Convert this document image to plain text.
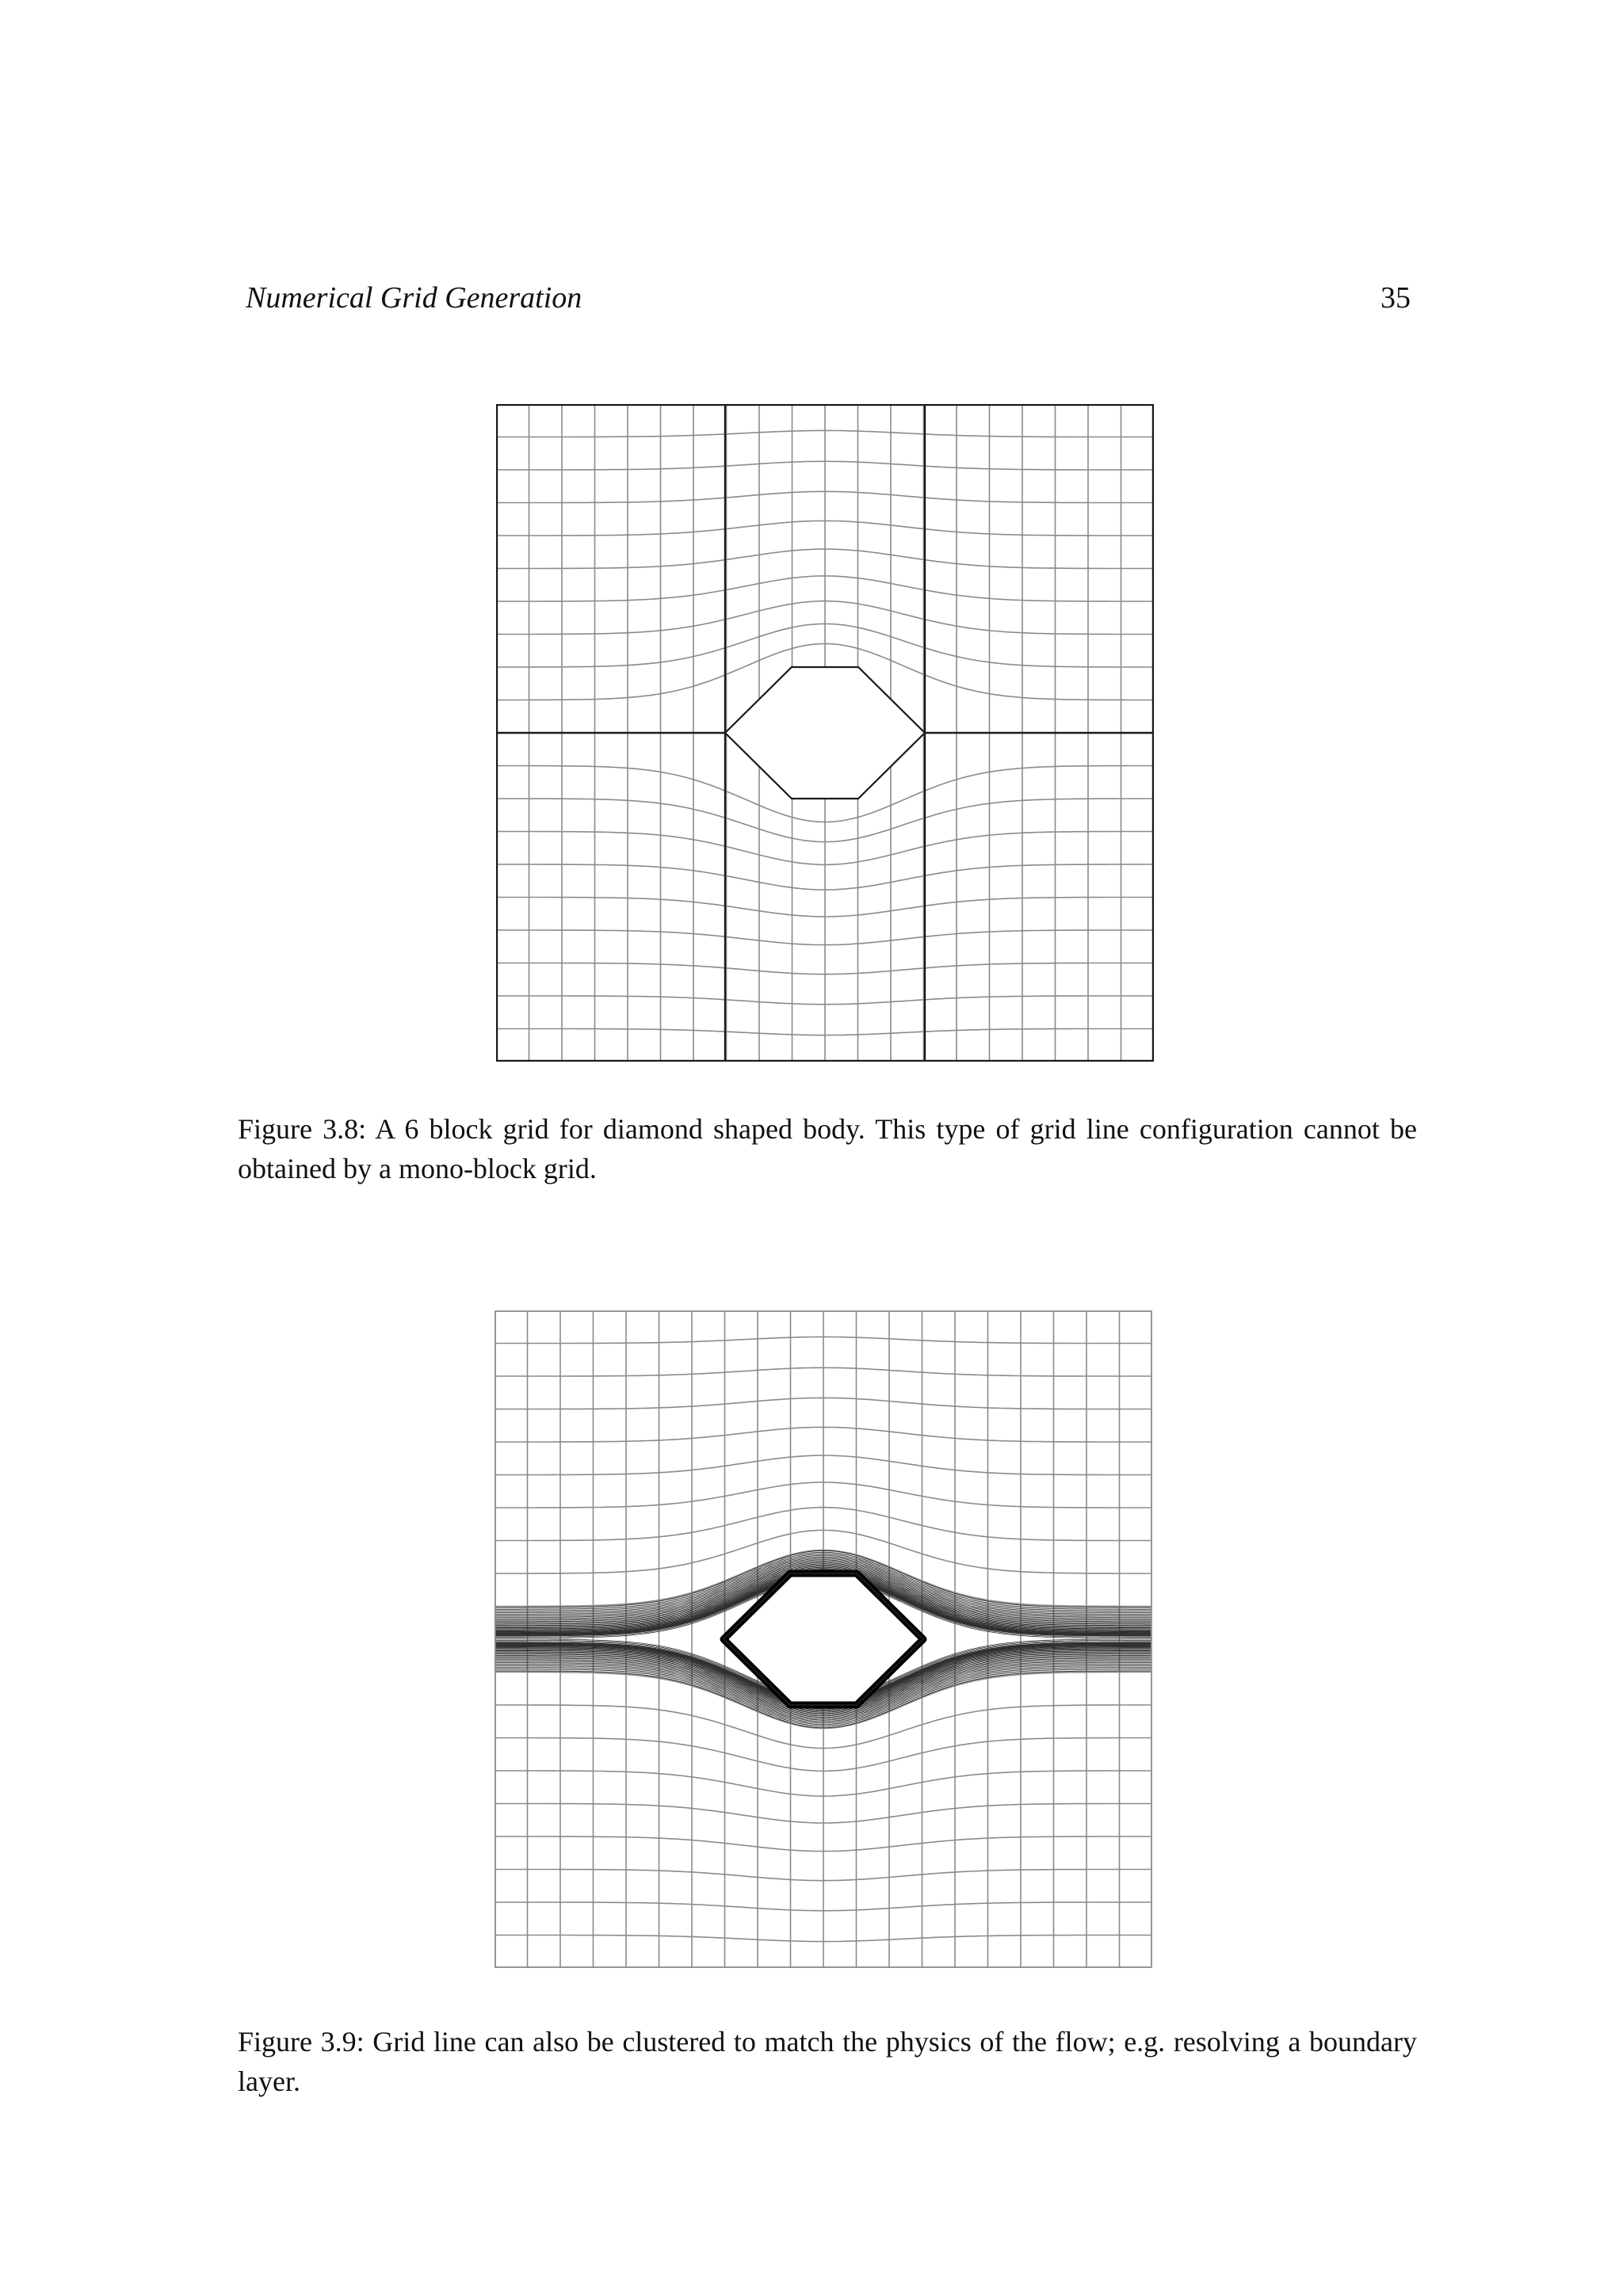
Numerical Grid Generation	35
Figure 3.8: A 6 block grid for diamond shaped body. This type of grid line configuration cannot be obtained by a mono-block grid.
Figure 3.9: Grid line can also be clustered to match the physics of the flow; e.g. resolving a boundary layer.
